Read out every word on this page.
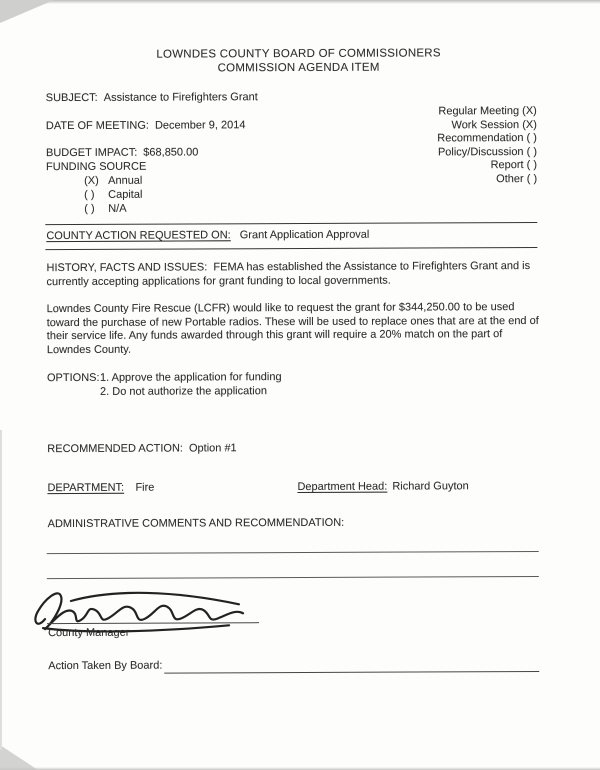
LOWNDES COUNTY BOARD OF COMMISSIONERS
COMMISSION AGENDA ITEM
Regular Meeting (X)
Work Session (X)
Recommendation ( )
Policy/Discussion ( )
Report ( )
Other ( )
SUBJECT: Assistance to Firefighters Grant
DATE OF MEETING: December 9, 2014
BUDGET IMPACT: $68,850.00
FUNDING SOURCE
(X) Annual
( ) Capital
( ) N/A
COUNTY ACTION REQUESTED ON: Grant Application Approval
HISTORY, FACTS AND ISSUES:  FEMA has established the Assistance to Firefighters Grant and is currently accepting applications for grant funding to local governments.
Lowndes County Fire Rescue (LCFR) would like to request the grant for $344,250.00 to be used toward the purchase of new Portable radios. These will be used to replace ones that are at the end of their service life. Any funds awarded through this grant will require a 20% match on the part of Lowndes County.
OPTIONS: 1. Approve the application for funding
2. Do not authorize the application
RECOMMENDED ACTION: Option #1
DEPARTMENT: Fire	Department Head: Richard Guyton
ADMINISTRATIVE COMMENTS AND RECOMMENDATION:
County Manager
Action Taken By Board:
